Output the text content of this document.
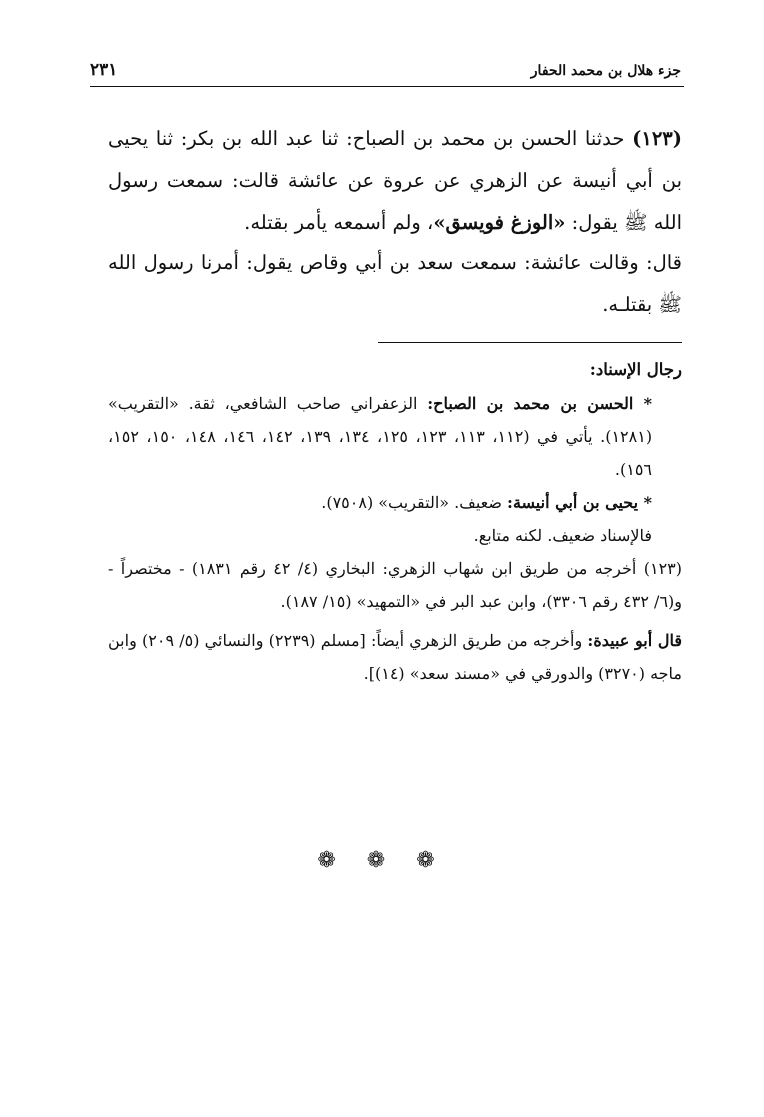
جزء هلال بن محمد الحفار
٢٣١

(١٢٣) حدثنا الحسن بن محمد بن الصباح: ثنا عبد الله بن بكر: ثنا يحيى بن أبي أنيسة عن الزهري عن عروة عن عائشة قالت: سمعت رسول الله ﷺ يقول: «الوزغ فويسق»، ولم أسمعه يأمر بقتله.

قال: وقالت عائشة: سمعت سعد بن أبي وقاص يقول: أمرنا رسول الله ﷺ بقتلـه.

رجال الإسناد:

* الحسن بن محمد بن الصباح: الزعفراني صاحب الشافعي، ثقة. «التقريب» (١٢٨١). يأتي في (١١٢، ١١٣، ١٢٣، ١٢٥، ١٣٤، ١٣٩، ١٤٢، ١٤٦، ١٤٨، ١٥٠، ١٥٢، ١٥٦).

* يحيى بن أبي أنيسة: ضعيف. «التقريب» (٧٥٠٨).

فالإسناد ضعيف. لكنه متابع.

(١٢٣) أخرجه من طريق ابن شهاب الزهري: البخاري (٤/ ٤٢ رقم ١٨٣١) - مختصراً - و(٦/ ٤٣٢ رقم ٣٣٠٦)، وابن عبد البر في «التمهيد» (١٥/ ١٨٧).

قال أبو عبيدة: وأخرجه من طريق الزهري أيضاً: [مسلم (٢٢٣٩) والنسائي (٥/ ٢٠٩) وابن ماجه (٣٢٧٠) والدورقي في «مسند سعد» (١٤)].

❁ ❁ ❁
